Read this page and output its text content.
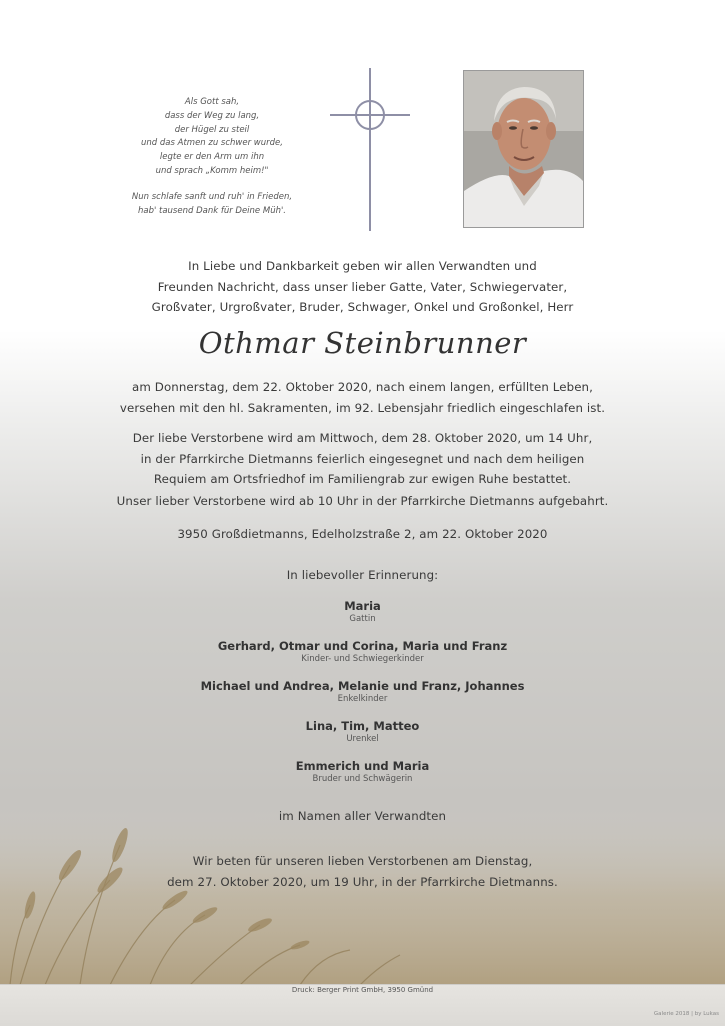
Druck: Berger Print GmbH, 3950 Gmünd
Galerie 2018 | by Lukas
Als Gott sah,
dass der Weg zu lang,
der Hügel zu steil
und das Atmen zu schwer wurde,
legte er den Arm um ihn
und sprach „Komm heim!"
Nun schlafe sanft und ruh' in Frieden,
hab' tausend Dank für Deine Müh'.
In Liebe und Dankbarkeit geben wir allen Verwandten und
Freunden Nachricht, dass unser lieber Gatte, Vater, Schwiegervater,
Großvater, Urgroßvater, Bruder, Schwager, Onkel und Großonkel, Herr
Othmar Steinbrunner
am Donnerstag, dem 22. Oktober 2020, nach einem langen, erfüllten Leben,
versehen mit den hl. Sakramenten, im 92. Lebensjahr friedlich eingeschlafen ist.
Der liebe Verstorbene wird am Mittwoch, dem 28. Oktober 2020, um 14 Uhr,
in der Pfarrkirche Dietmanns feierlich eingesegnet und nach dem heiligen
Requiem am Ortsfriedhof im Familiengrab zur ewigen Ruhe bestattet.
Unser lieber Verstorbene wird ab 10 Uhr in der Pfarrkirche Dietmanns aufgebahrt.
3950 Großdietmanns, Edelholzstraße 2, am 22. Oktober 2020
In liebevoller Erinnerung:
Maria
Gattin
Gerhard, Otmar und Corina, Maria und Franz
Kinder- und Schwiegerkinder
Michael und Andrea, Melanie und Franz, Johannes
Enkelkinder
Lina, Tim, Matteo
Urenkel
Emmerich und Maria
Bruder und Schwägerin
im Namen aller Verwandten
Wir beten für unseren lieben Verstorbenen am Dienstag,
dem 27. Oktober 2020, um 19 Uhr, in der Pfarrkirche Dietmanns.
